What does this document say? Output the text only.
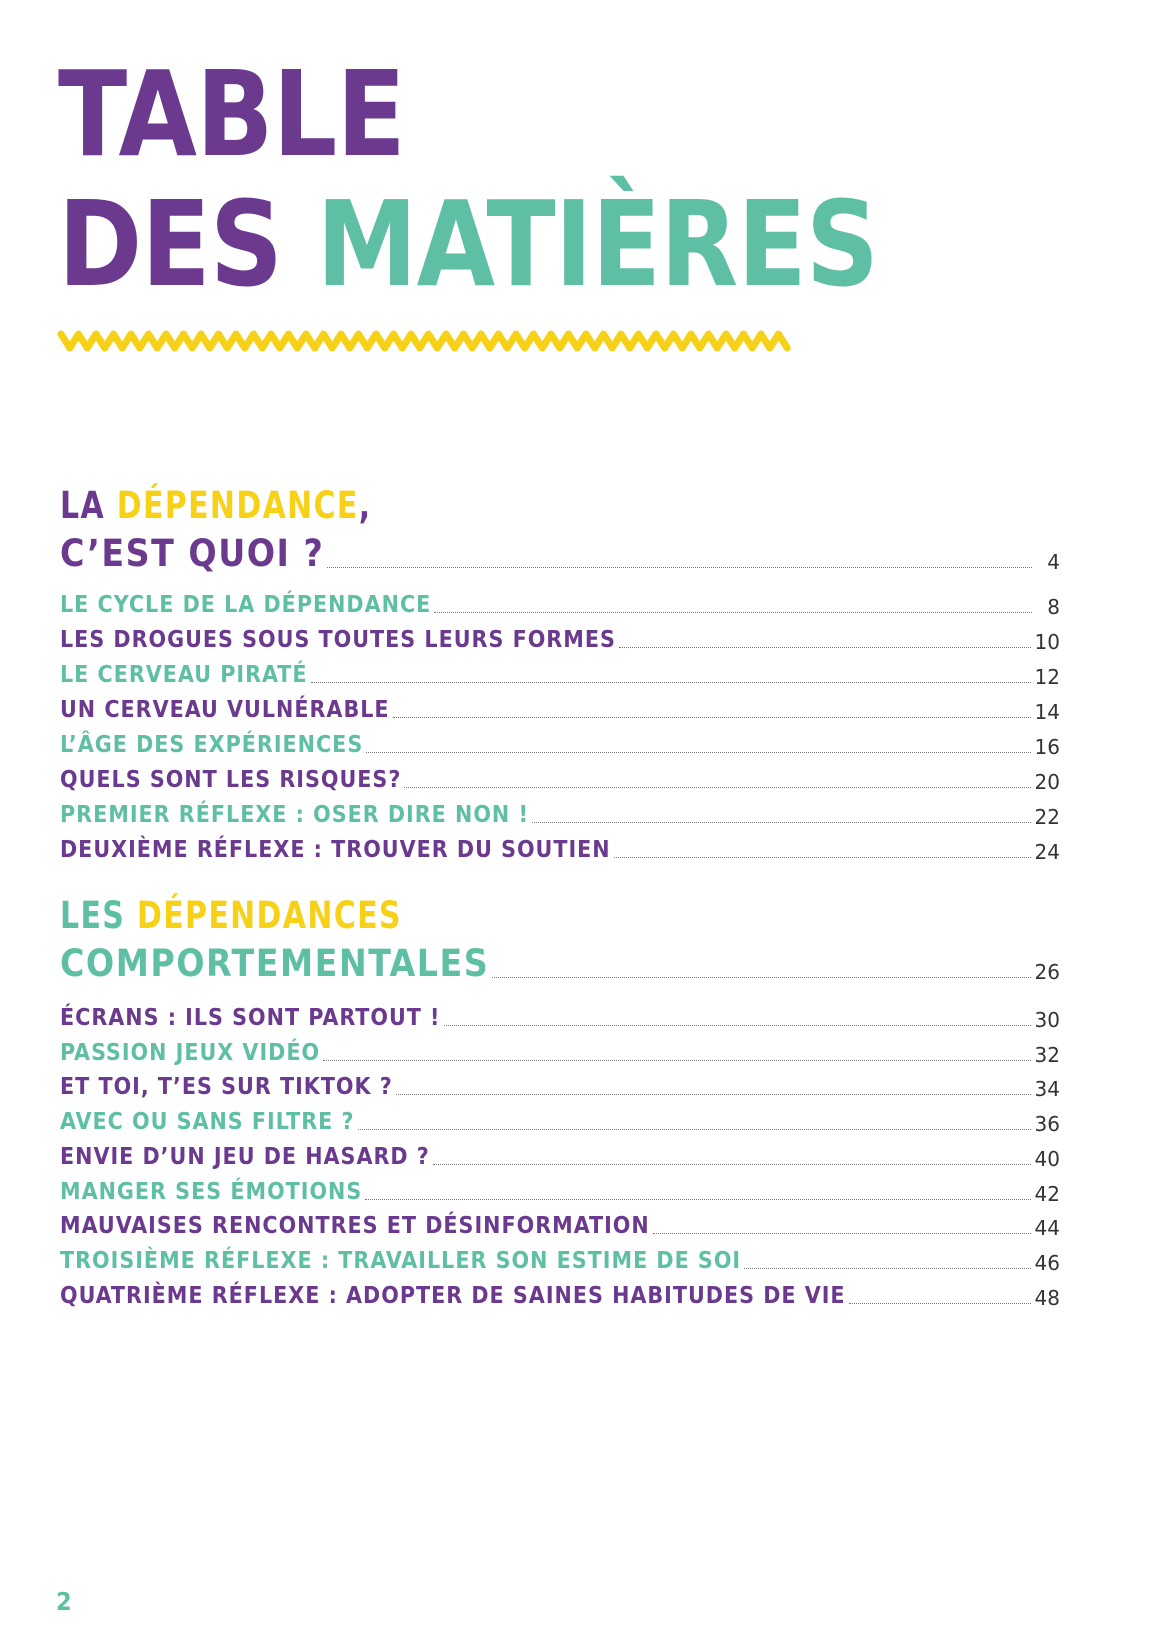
TABLE
DES MATIÈRES
LA DÉPENDANCE,
C’EST QUOI ?	4
LE CYCLE DE LA DÉPENDANCE	8
LES DROGUES SOUS TOUTES LEURS FORMES	10
LE CERVEAU PIRATÉ	12
UN CERVEAU VULNÉRABLE	14
L’ÂGE DES EXPÉRIENCES	16
QUELS SONT LES RISQUES?	20
PREMIER RÉFLEXE : OSER DIRE NON !	22
DEUXIÈME RÉFLEXE : TROUVER DU SOUTIEN	24
LES DÉPENDANCES
COMPORTEMENTALES	26
ÉCRANS : ILS SONT PARTOUT !	30
PASSION JEUX VIDÉO	32
ET TOI, T’ES SUR TIKTOK ?	34
AVEC OU SANS FILTRE ?	36
ENVIE D’UN JEU DE HASARD ?	40
MANGER SES ÉMOTIONS	42
MAUVAISES RENCONTRES ET DÉSINFORMATION	44
TROISIÈME RÉFLEXE : TRAVAILLER SON ESTIME DE SOI	46
QUATRIÈME RÉFLEXE : ADOPTER DE SAINES HABITUDES DE VIE	48
2
